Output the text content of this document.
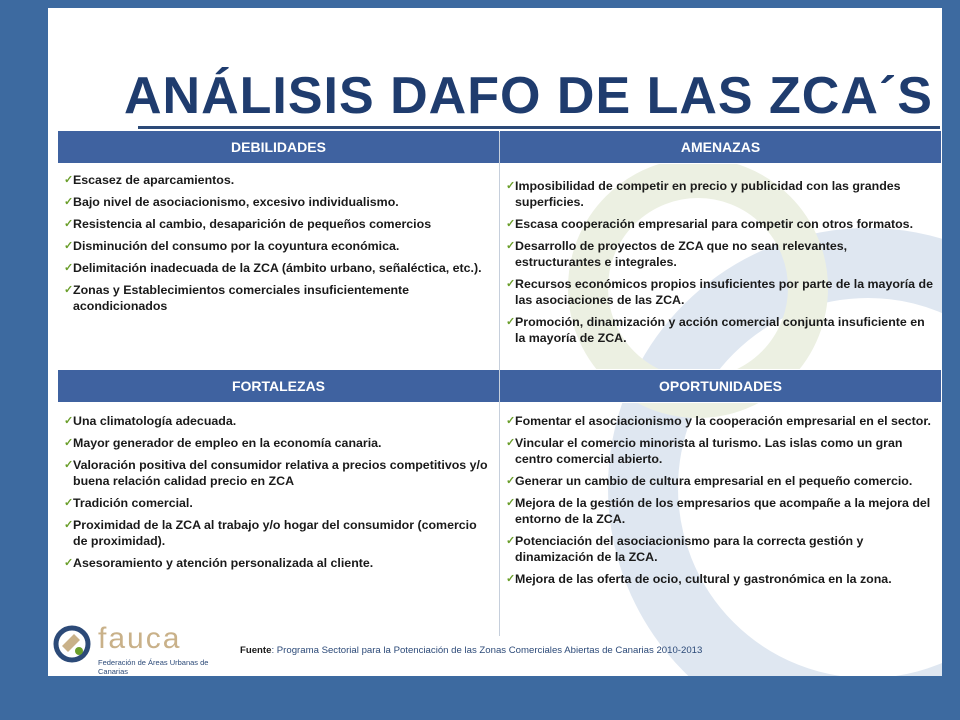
ANÁLISIS DAFO DE LAS ZCA´S
DEBILIDADES
✓ Escasez de aparcamientos.
✓ Bajo nivel de asociacionismo, excesivo individualismo.
✓ Resistencia al cambio, desaparición de pequeños comercios
✓ Disminución del consumo por la coyuntura económica.
✓ Delimitación inadecuada de la ZCA (ámbito urbano, señaléctica, etc.).
✓ Zonas y Establecimientos comerciales insuficientemente acondicionados
AMENAZAS
✓ Imposibilidad de competir en precio y publicidad con las grandes superficies.
✓ Escasa cooperación empresarial para competir con otros formatos.
✓ Desarrollo de proyectos de ZCA que no sean relevantes, estructurantes e integrales.
✓ Recursos económicos propios insuficientes por parte de la mayoría de las asociaciones de las ZCA.
✓ Promoción, dinamización y acción comercial conjunta insuficiente en la mayoría de ZCA.
FORTALEZAS
✓ Una climatología adecuada.
✓ Mayor generador de empleo en la economía canaria.
✓ Valoración positiva del consumidor relativa a precios competitivos y/o buena relación calidad precio en ZCA
✓ Tradición comercial.
✓ Proximidad de la ZCA al trabajo y/o hogar del consumidor (comercio de proximidad).
✓ Asesoramiento y atención personalizada al cliente.
OPORTUNIDADES
✓ Fomentar el asociacionismo y la cooperación empresarial en el sector.
✓ Vincular el comercio minorista al turismo. Las islas como un gran centro comercial abierto.
✓ Generar un cambio de cultura empresarial en el pequeño comercio.
✓ Mejora de la gestión de los empresarios que acompañe a la mejora del entorno de la ZCA.
✓ Potenciación del asociacionismo para la correcta gestión y dinamización de la ZCA.
✓ Mejora de las oferta de ocio, cultural y gastronómica en la zona.
fauca
Federación de Áreas Urbanas de Canarias
Fuente: Programa Sectorial para la Potenciación de las Zonas Comerciales Abiertas de Canarias 2010-2013
